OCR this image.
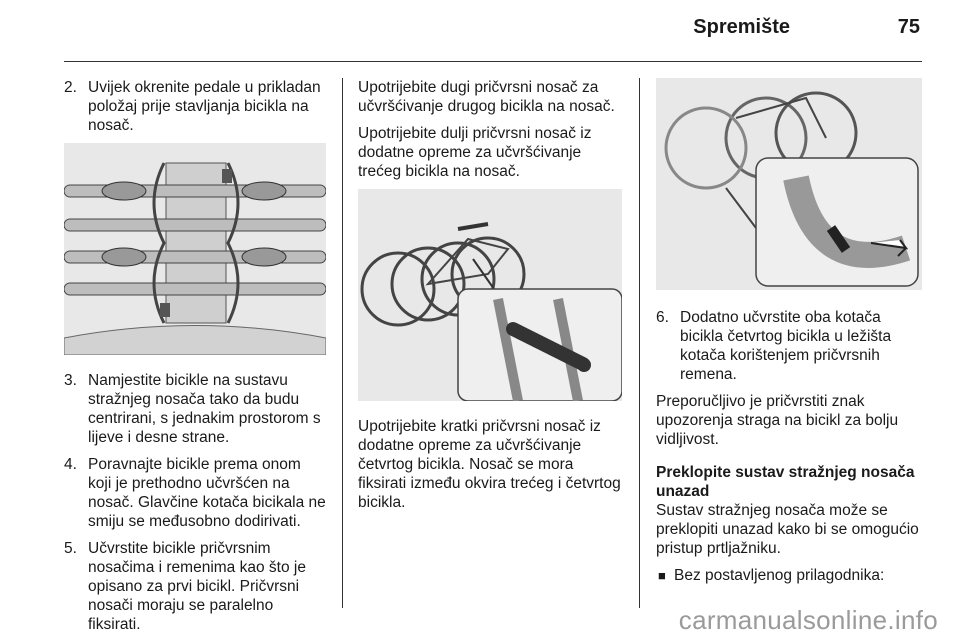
Spremište	75
2. Uvijek okrenite pedale u prikladan položaj prije stavljanja bicikla na nosač.
3. Namjestite bicikle na sustavu stražnjeg nosača tako da budu centrirani, s jednakim prostorom s lijeve i desne strane.
4. Poravnajte bicikle prema onom koji je prethodno učvršćen na nosač. Glavčine kotača bicikala ne smiju se međusobno dodirivati.
5. Učvrstite bicikle pričvrsnim nosačima i remenima kao što je opisano za prvi bicikl. Pričvrsni nosači moraju se paralelno fiksirati.

Upotrijebite dugi pričvrsni nosač za učvršćivanje drugog bicikla na nosač.

Upotrijebite dulji pričvrsni nosač iz dodatne opreme za učvršćivanje trećeg bicikla na nosač.

Upotrijebite kratki pričvrsni nosač iz dodatne opreme za učvršćivanje četvrtog bicikla. Nosač se mora fiksirati između okvira trećeg i četvrtog bicikla.

6. Dodatno učvrstite oba kotača bicikla četvrtog bicikla u ležišta kotača korištenjem pričvrsnih remena.

Preporučljivo je pričvrstiti znak upozorenja straga na bicikl za bolju vidljivost.

Preklopite sustav stražnjeg nosača unazad

Sustav stražnjeg nosača može se preklopiti unazad kako bi se omogućio pristup prtljažniku.

■ Bez postavljenog prilagodnika:
carmanualsonline.info
